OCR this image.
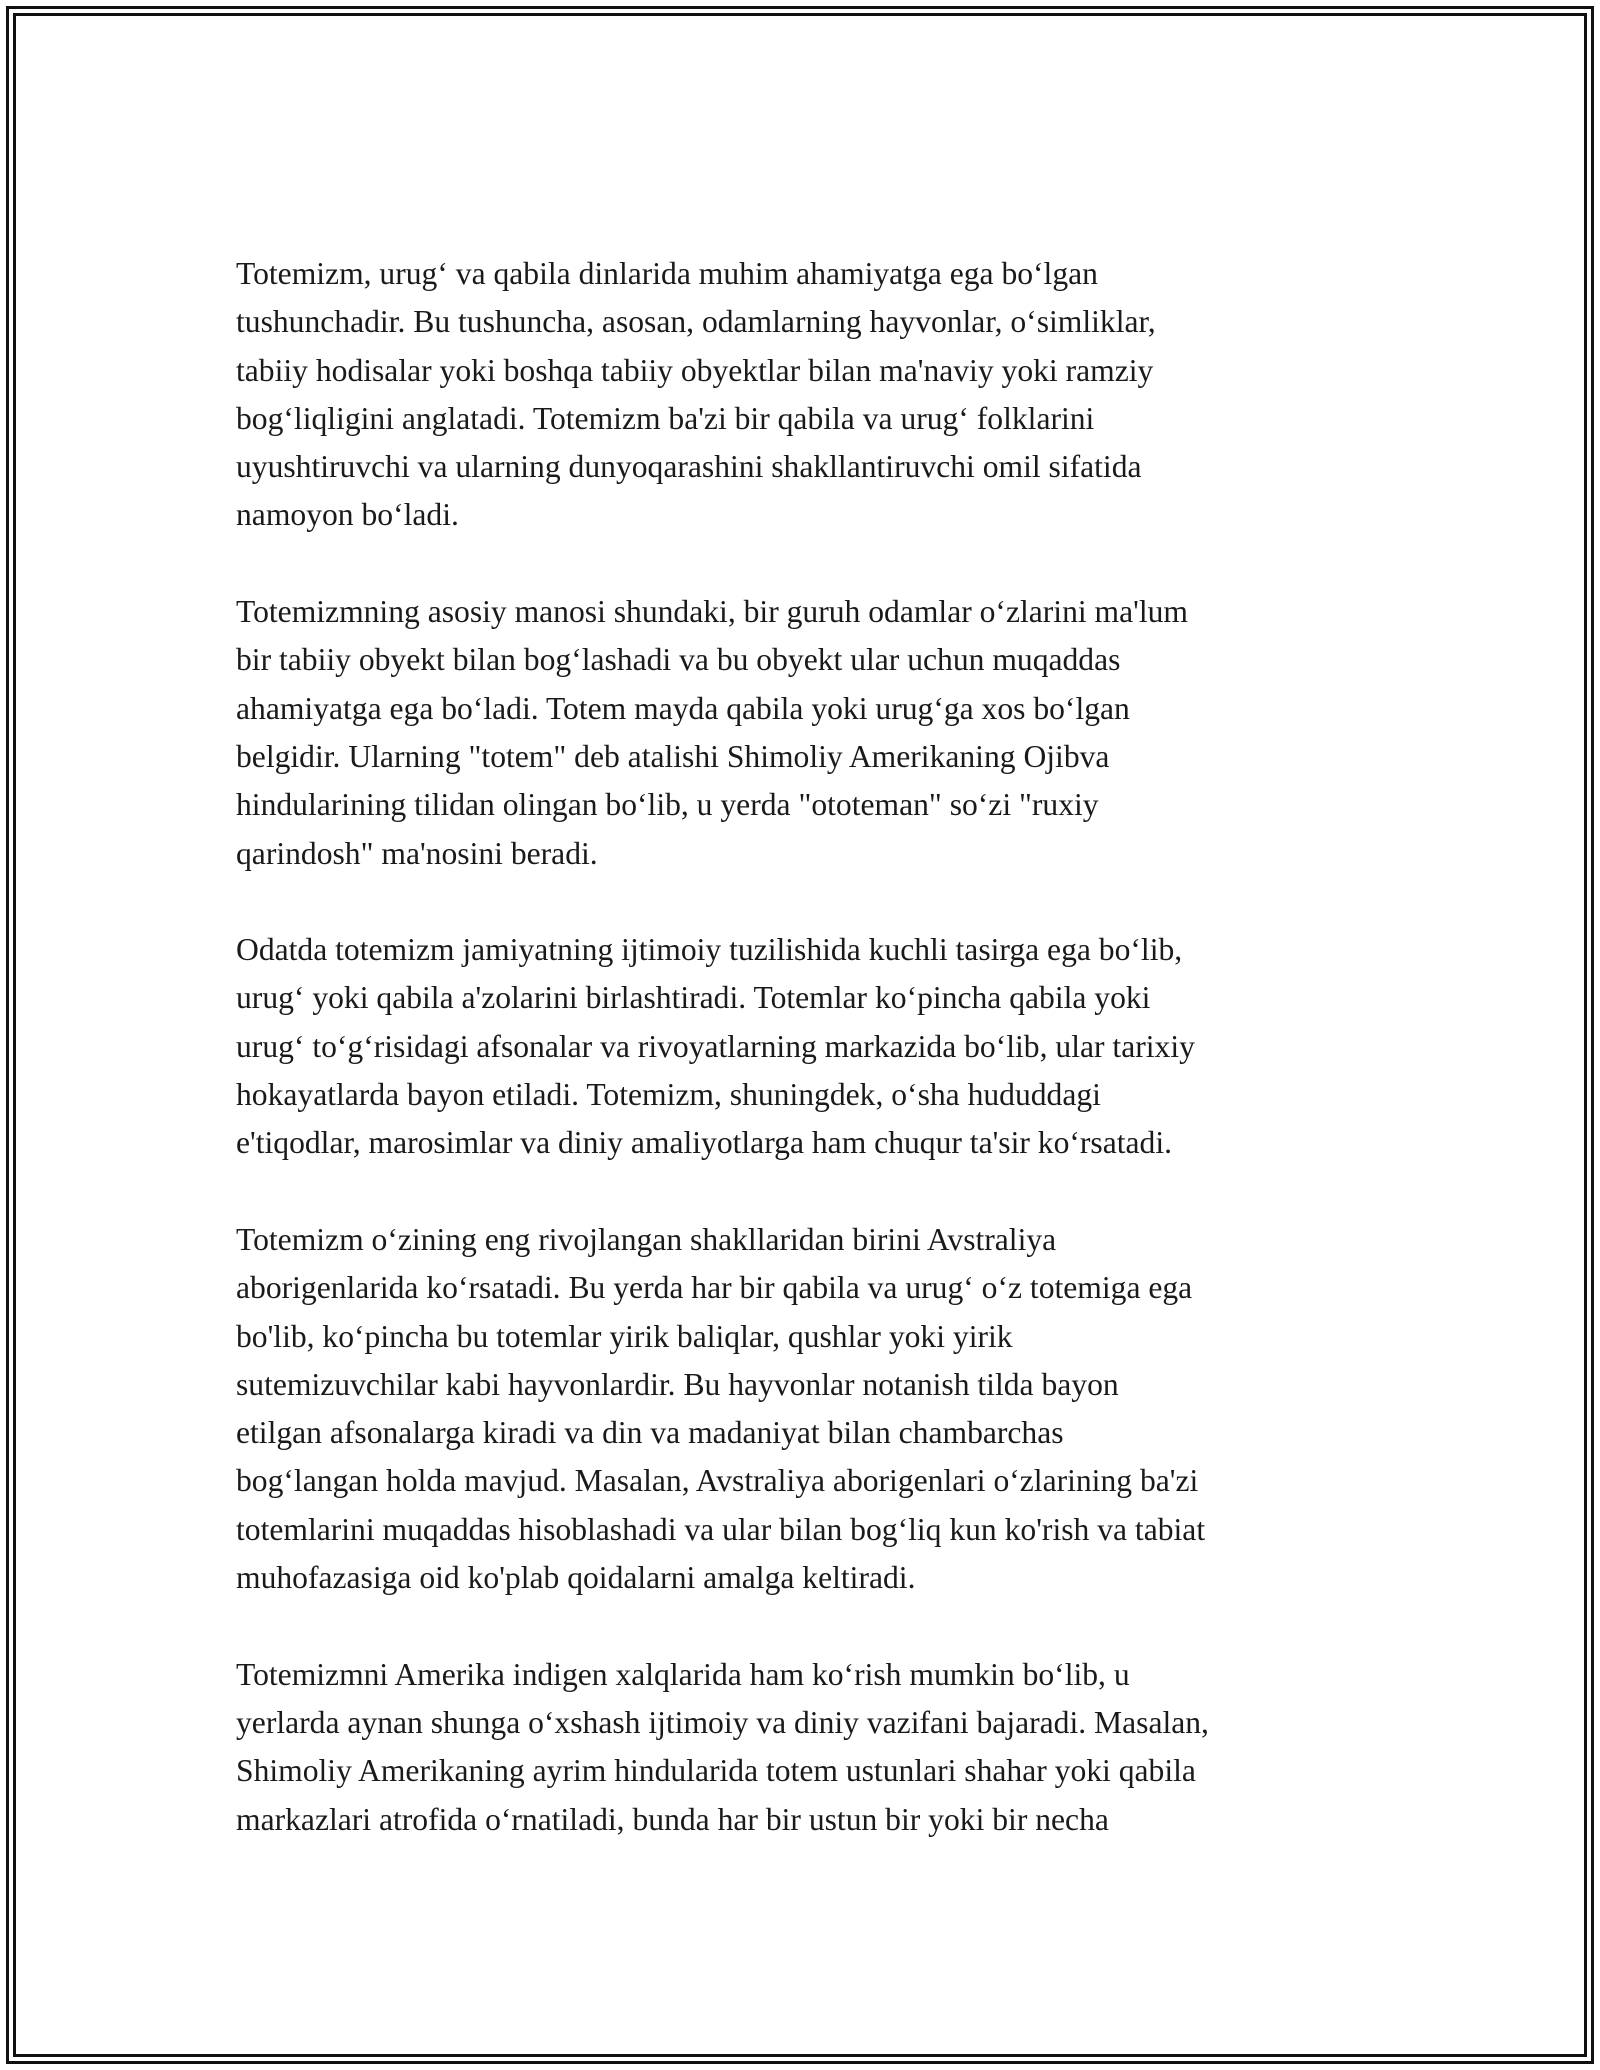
Totemizm, urug‘ va qabila dinlarida muhim ahamiyatga ega bo‘lgan
tushunchadir. Bu tushuncha, asosan, odamlarning hayvonlar, o‘simliklar,
tabiiy hodisalar yoki boshqa tabiiy obyektlar bilan ma'naviy yoki ramziy
bog‘liqligini anglatadi. Totemizm ba'zi bir qabila va urug‘ folklarini
uyushtiruvchi va ularning dunyoqarashini shakllantiruvchi omil sifatida
namoyon bo‘ladi.

Totemizmning asosiy manosi shundaki, bir guruh odamlar o‘zlarini ma'lum
bir tabiiy obyekt bilan bog‘lashadi va bu obyekt ular uchun muqaddas
ahamiyatga ega bo‘ladi. Totem mayda qabila yoki urug‘ga xos bo‘lgan
belgidir. Ularning "totem" deb atalishi Shimoliy Amerikaning Ojibva
hindularining tilidan olingan bo‘lib, u yerda "ototeman" so‘zi "ruxiy
qarindosh" ma'nosini beradi.

Odatda totemizm jamiyatning ijtimoiy tuzilishida kuchli tasirga ega bo‘lib,
urug‘ yoki qabila a'zolarini birlashtiradi. Totemlar ko‘pincha qabila yoki
urug‘ to‘g‘risidagi afsonalar va rivoyatlarning markazida bo‘lib, ular tarixiy
hokayatlarda bayon etiladi. Totemizm, shuningdek, o‘sha hududdagi
e'tiqodlar, marosimlar va diniy amaliyotlarga ham chuqur ta'sir ko‘rsatadi.

Totemizm o‘zining eng rivojlangan shakllaridan birini Avstraliya
aborigenlarida ko‘rsatadi. Bu yerda har bir qabila va urug‘ o‘z totemiga ega
bo'lib, ko‘pincha bu totemlar yirik baliqlar, qushlar yoki yirik
sutemizuvchilar kabi hayvonlardir. Bu hayvonlar notanish tilda bayon
etilgan afsonalarga kiradi va din va madaniyat bilan chambarchas
bog‘langan holda mavjud. Masalan, Avstraliya aborigenlari o‘zlarining ba'zi
totemlarini muqaddas hisoblashadi va ular bilan bog‘liq kun ko'rish va tabiat
muhofazasiga oid ko'plab qoidalarni amalga keltiradi.

Totemizmni Amerika indigen xalqlarida ham ko‘rish mumkin bo‘lib, u
yerlarda aynan shunga o‘xshash ijtimoiy va diniy vazifani bajaradi. Masalan,
Shimoliy Amerikaning ayrim hindularida totem ustunlari shahar yoki qabila
markazlari atrofida o‘rnatiladi, bunda har bir ustun bir yoki bir necha
